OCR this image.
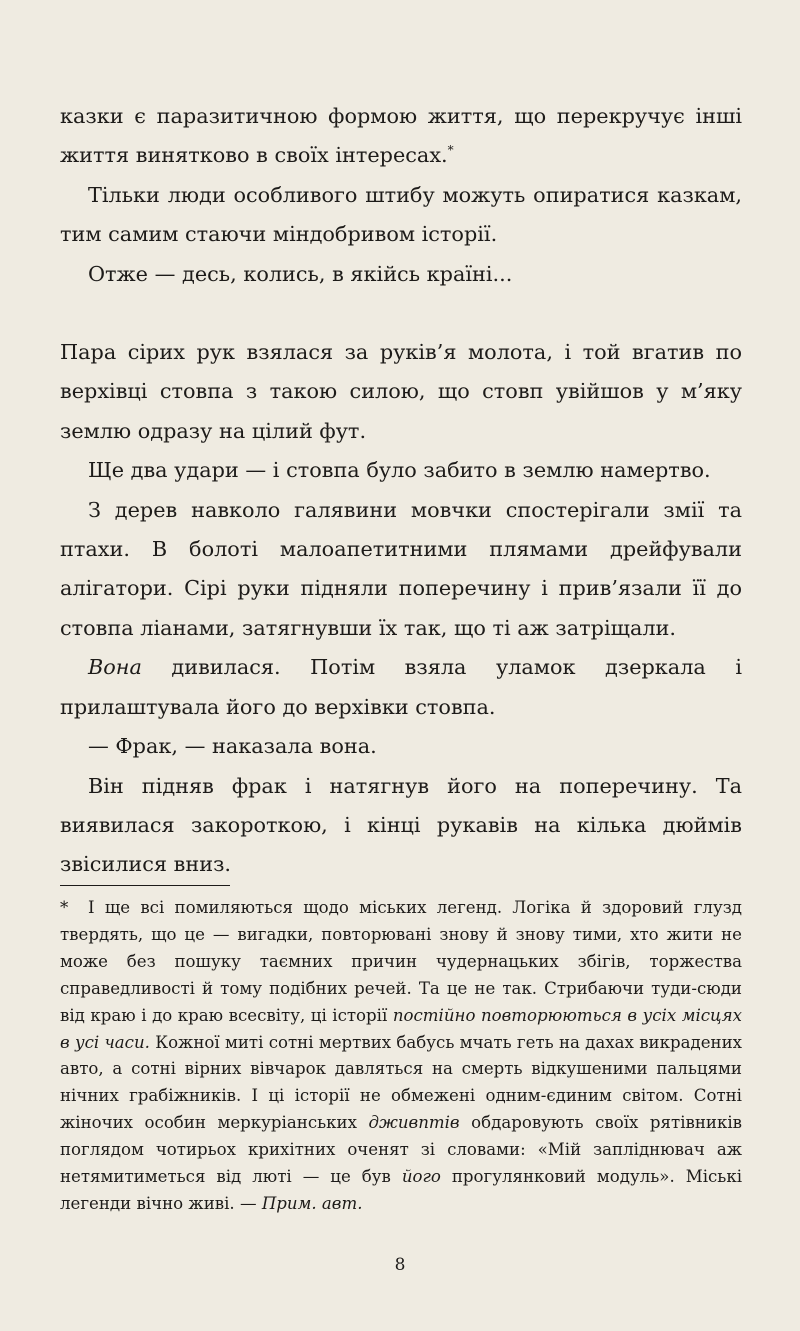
казки є паразитичною формою життя, що перекручує інші життя винятково в своїх інтересах.*

Тільки люди особливого штибу можуть опиратися казкам, тим самим стаючи міндобривом історії.

Отже — десь, колись, в якійсь країні...

Пара сірих рук взялася за руків’я молота, і той вгатив по верхівці стовпа з такою силою, що стовп увійшов у м’яку землю одразу на цілий фут.

Ще два удари — і стовпа було забито в землю намертво.

З дерев навколо галявини мовчки спостерігали змії та птахи. В болоті малоапетитними плямами дрейфували алігатори. Сірі руки підняли поперечину і прив’язали її до стовпа ліанами, затягнувши їх так, що ті аж затріщали.

Вона дивилася. Потім взяла уламок дзеркала і прилаштувала його до верхівки стовпа.

— Фрак, — наказала вона.

Він підняв фрак і натягнув його на поперечину. Та виявилася закороткою, і кінці рукавів на кілька дюймів звісилися вниз.

* І ще всі помиляються щодо міських легенд. Логіка й здоровий глузд твердять, що це — вигадки, повторювані знову й знову тими, хто жити не може без пошуку таємних причин чудернацьких збігів, торжества справедливості й тому подібних речей. Та це не так. Стрибаючи туди-сюди від краю і до краю всесвіту, ці історії постійно повторюються в усіх місцях в усі часи. Кожної миті сотні мертвих бабусь мчать геть на дахах викрадених авто, а сотні вірних вівчарок давляться на смерть відкушеними пальцями нічних грабіжників. І ці історії не обмежені одним-єдиним світом. Сотні жіночих особин меркуріанських дживптів обдаровують своїх рятівників поглядом чотирьох крихітних оченят зі словами: «Мій запліднювач аж нетямитиметься від люті — це був його прогулянковий модуль». Міські легенди вічно живі. — Прим. авт.

8
